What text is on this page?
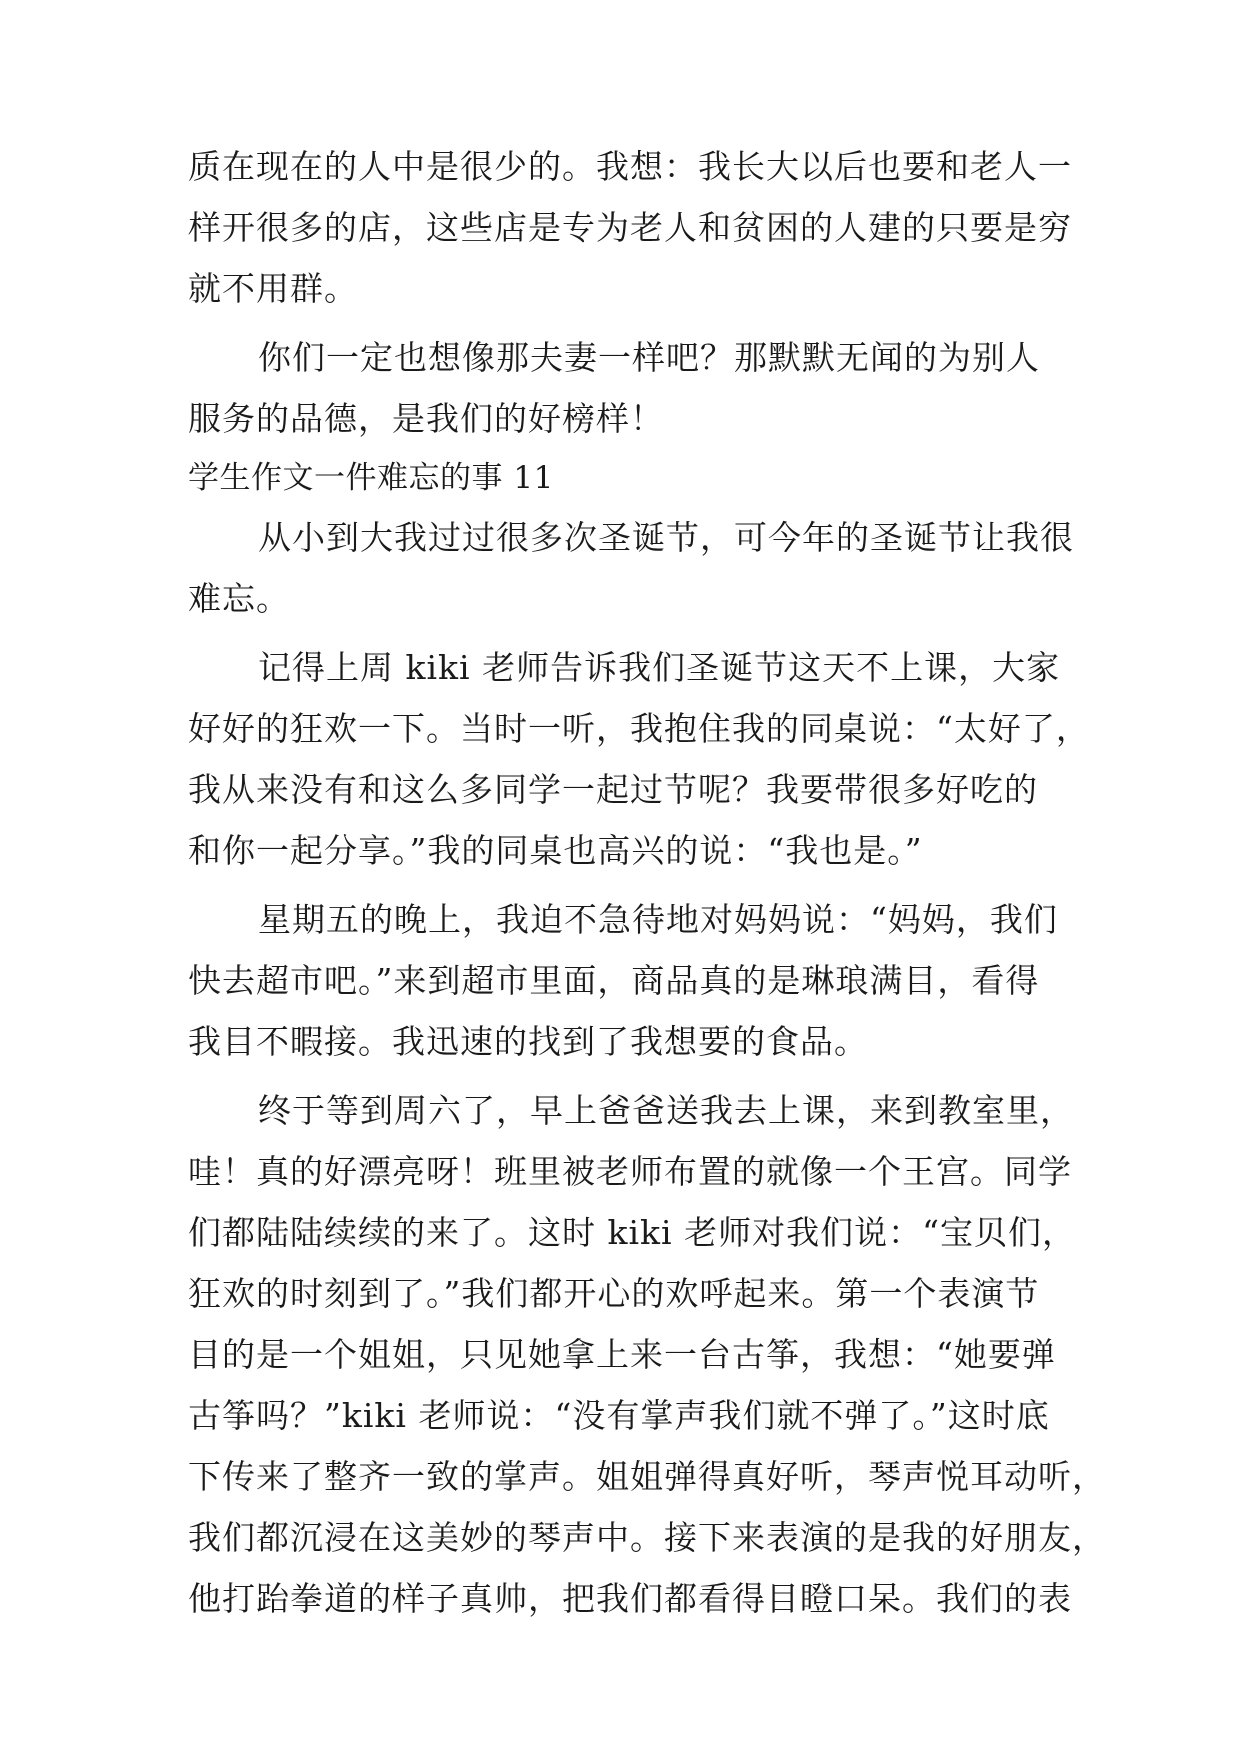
质在现在的人中是很少的。我想：我长大以后也要和老人一
样开很多的店，这些店是专为老人和贫困的人建的只要是穷
就不用群。
你们一定也想像那夫妻一样吧？那默默无闻的为别人
服务的品德，是我们的好榜样！
学生作文一件难忘的事 11
从小到大我过过很多次圣诞节，可今年的圣诞节让我很
难忘。
记得上周 kiki 老师告诉我们圣诞节这天不上课，大家
好好的狂欢一下。当时一听，我抱住我的同桌说：“太好了，
我从来没有和这么多同学一起过节呢？我要带很多好吃的
和你一起分享。”我的同桌也高兴的说：“我也是。”
星期五的晚上，我迫不急待地对妈妈说：“妈妈，我们
快去超市吧。”来到超市里面，商品真的是琳琅满目，看得
我目不暇接。我迅速的找到了我想要的食品。
终于等到周六了，早上爸爸送我去上课，来到教室里，
哇！真的好漂亮呀！班里被老师布置的就像一个王宫。同学
们都陆陆续续的来了。这时 kiki 老师对我们说：“宝贝们，
狂欢的时刻到了。”我们都开心的欢呼起来。第一个表演节
目的是一个姐姐，只见她拿上来一台古筝，我想：“她要弹
古筝吗？”kiki 老师说：“没有掌声我们就不弹了。”这时底
下传来了整齐一致的掌声。姐姐弹得真好听，琴声悦耳动听，
我们都沉浸在这美妙的琴声中。接下来表演的是我的好朋友，
他打跆拳道的样子真帅，把我们都看得目瞪口呆。我们的表
